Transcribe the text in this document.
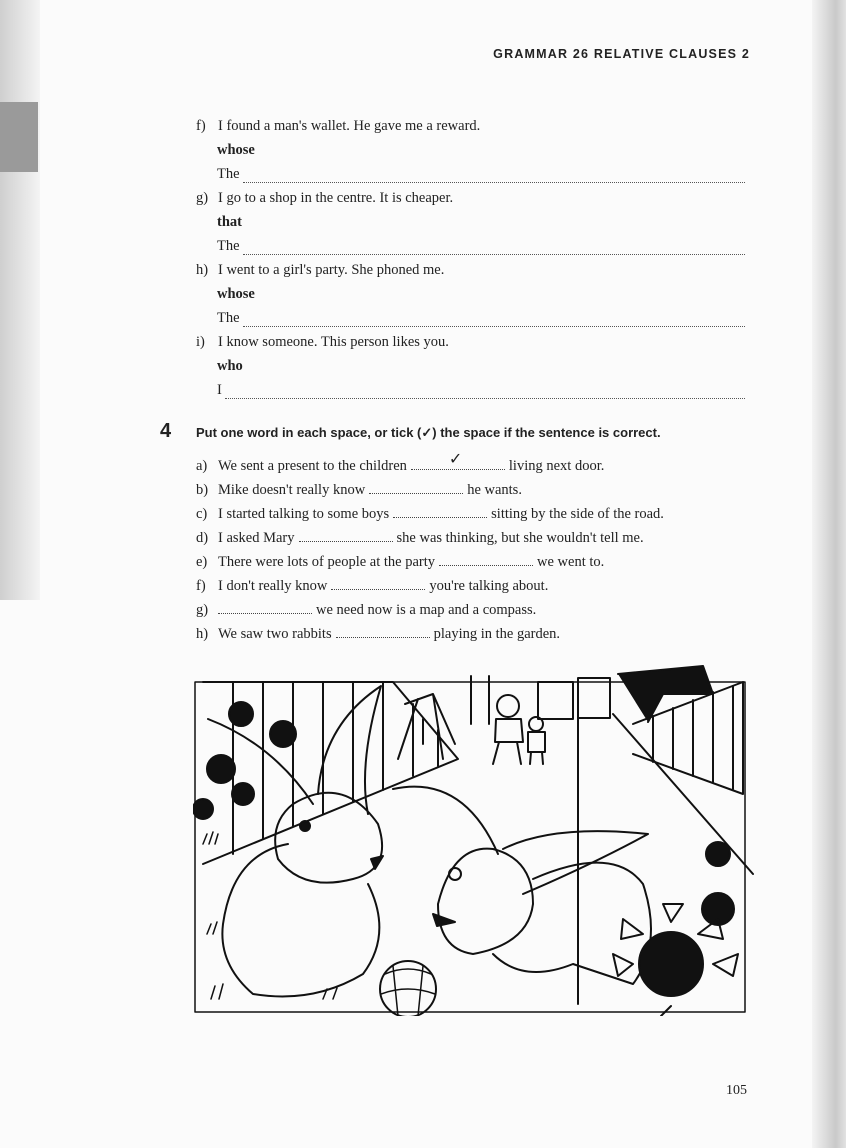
GRAMMAR 26 RELATIVE CLAUSES 2
f) I found a man's wallet. He gave me a reward.
whose
The
g) I go to a shop in the centre. It is cheaper.
that
The
h) I went to a girl's party. She phoned me.
whose
The
i) I know someone. This person likes you.
who
I
4 Put one word in each space, or tick (✓) the space if the sentence is correct.
a) We sent a present to the children	✓	living next door.
b) Mike doesn't really know	he wants.
c) I started talking to some boys	sitting by the side of the road.
d) I asked Mary	she was thinking, but she wouldn't tell me.
e) There were lots of people at the party	we went to.
f) I don't really know	you're talking about.
g)	we need now is a map and a compass.
h) We saw two rabbits	playing in the garden.
105
